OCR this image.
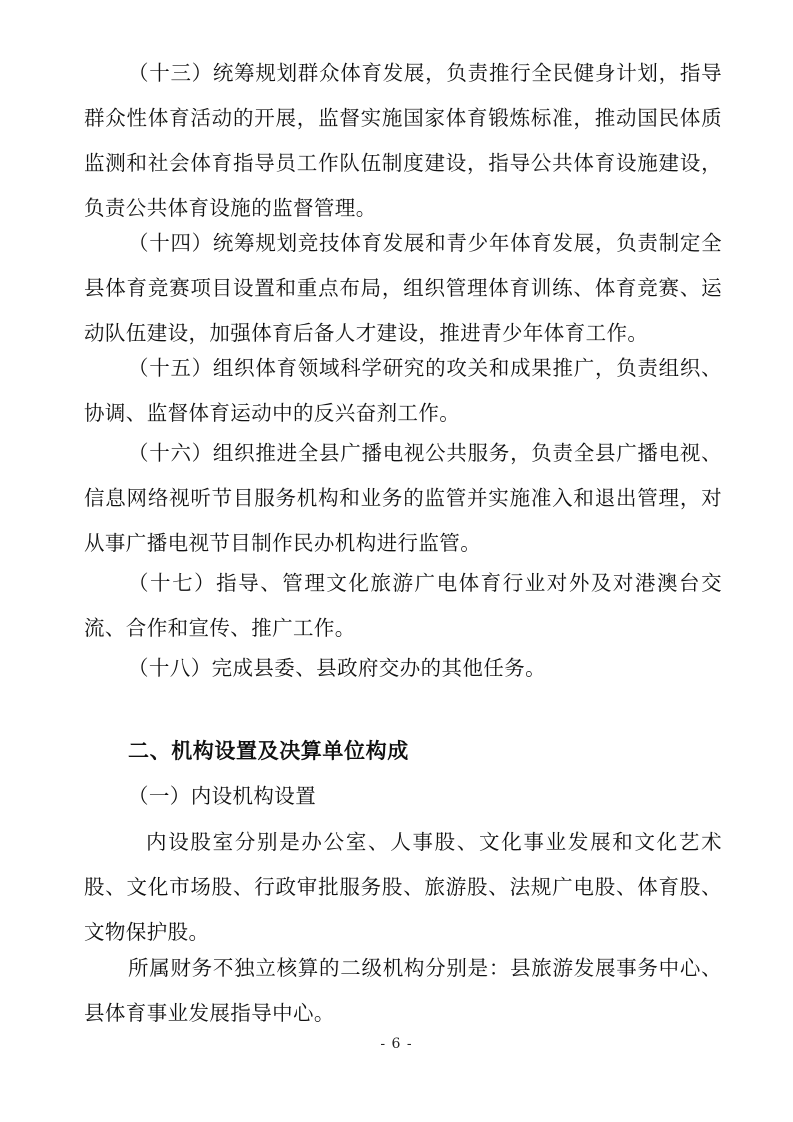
（十三）统筹规划群众体育发展，负责推行全民健身计划，指导群众性体育活动的开展，监督实施国家体育锻炼标准，推动国民体质监测和社会体育指导员工作队伍制度建设，指导公共体育设施建设，负责公共体育设施的监督管理。

（十四）统筹规划竞技体育发展和青少年体育发展，负责制定全县体育竞赛项目设置和重点布局，组织管理体育训练、体育竞赛、运动队伍建设，加强体育后备人才建设，推进青少年体育工作。

（十五）组织体育领域科学研究的攻关和成果推广，负责组织、协调、监督体育运动中的反兴奋剂工作。

（十六）组织推进全县广播电视公共服务，负责全县广播电视、信息网络视听节目服务机构和业务的监管并实施准入和退出管理，对从事广播电视节目制作民办机构进行监管。

（十七）指导、管理文化旅游广电体育行业对外及对港澳台交流、合作和宣传、推广工作。

（十八）完成县委、县政府交办的其他任务。

二、机构设置及决算单位构成

（一）内设机构设置

内设股室分别是办公室、人事股、文化事业发展和文化艺术股、文化市场股、行政审批服务股、旅游股、法规广电股、体育股、文物保护股。

所属财务不独立核算的二级机构分别是：县旅游发展事务中心、县体育事业发展指导中心。

- 6 -
